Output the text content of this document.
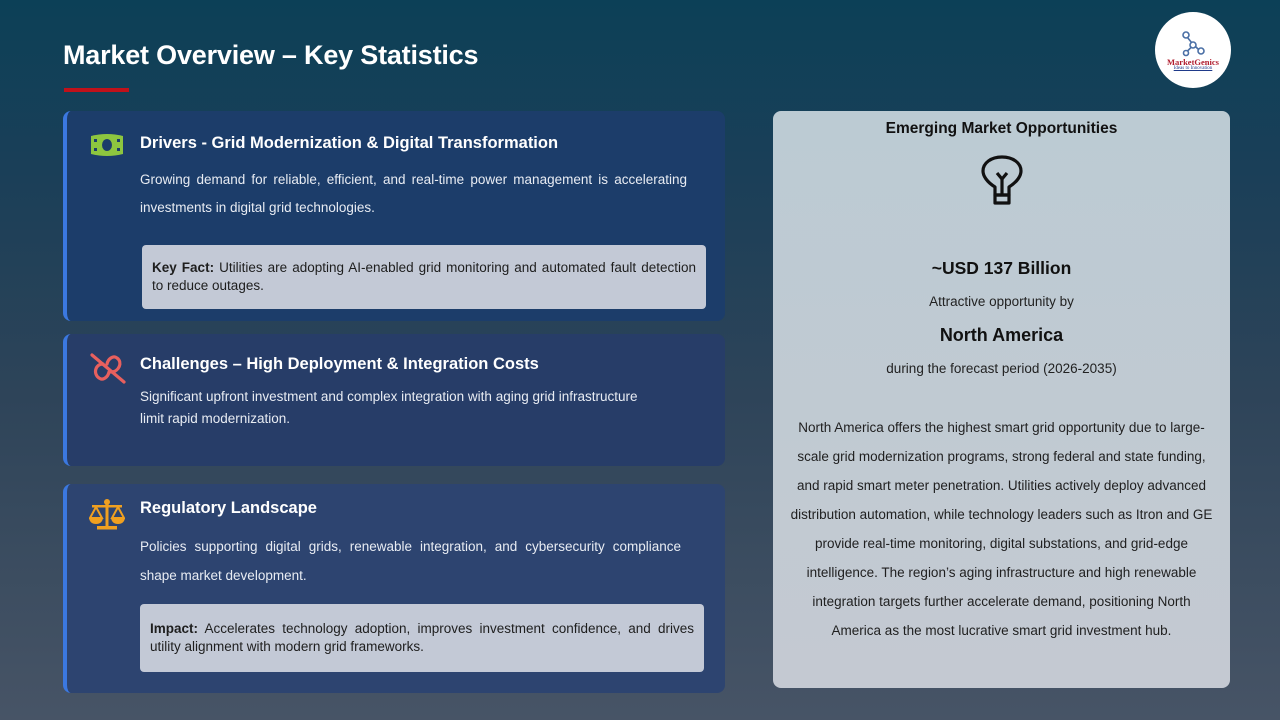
Market Overview – Key Statistics	MarketGenics
Ideas to Innovation
Drivers - Grid Modernization & Digital Transformation
Growing demand for reliable, efficient, and real-time power management is accelerating investments in digital grid technologies.
Key Fact: Utilities are adopting AI-enabled grid monitoring and automated fault detection to reduce outages.
Challenges – High Deployment & Integration Costs
Significant upfront investment and complex integration with aging grid infrastructure limit rapid modernization.
Regulatory Landscape
Policies supporting digital grids, renewable integration, and cybersecurity compliance shape market development.
Impact: Accelerates technology adoption, improves investment confidence, and drives utility alignment with modern grid frameworks.
Emerging Market Opportunities
~USD 137 Billion
Attractive opportunity by
North America
during the forecast period (2026-2035)
North America offers the highest smart grid opportunity due to large-scale grid modernization programs, strong federal and state funding, and rapid smart meter penetration. Utilities actively deploy advanced distribution automation, while technology leaders such as Itron and GE provide real-time monitoring, digital substations, and grid-edge intelligence. The region’s aging infrastructure and high renewable integration targets further accelerate demand, positioning North America as the most lucrative smart grid investment hub.
